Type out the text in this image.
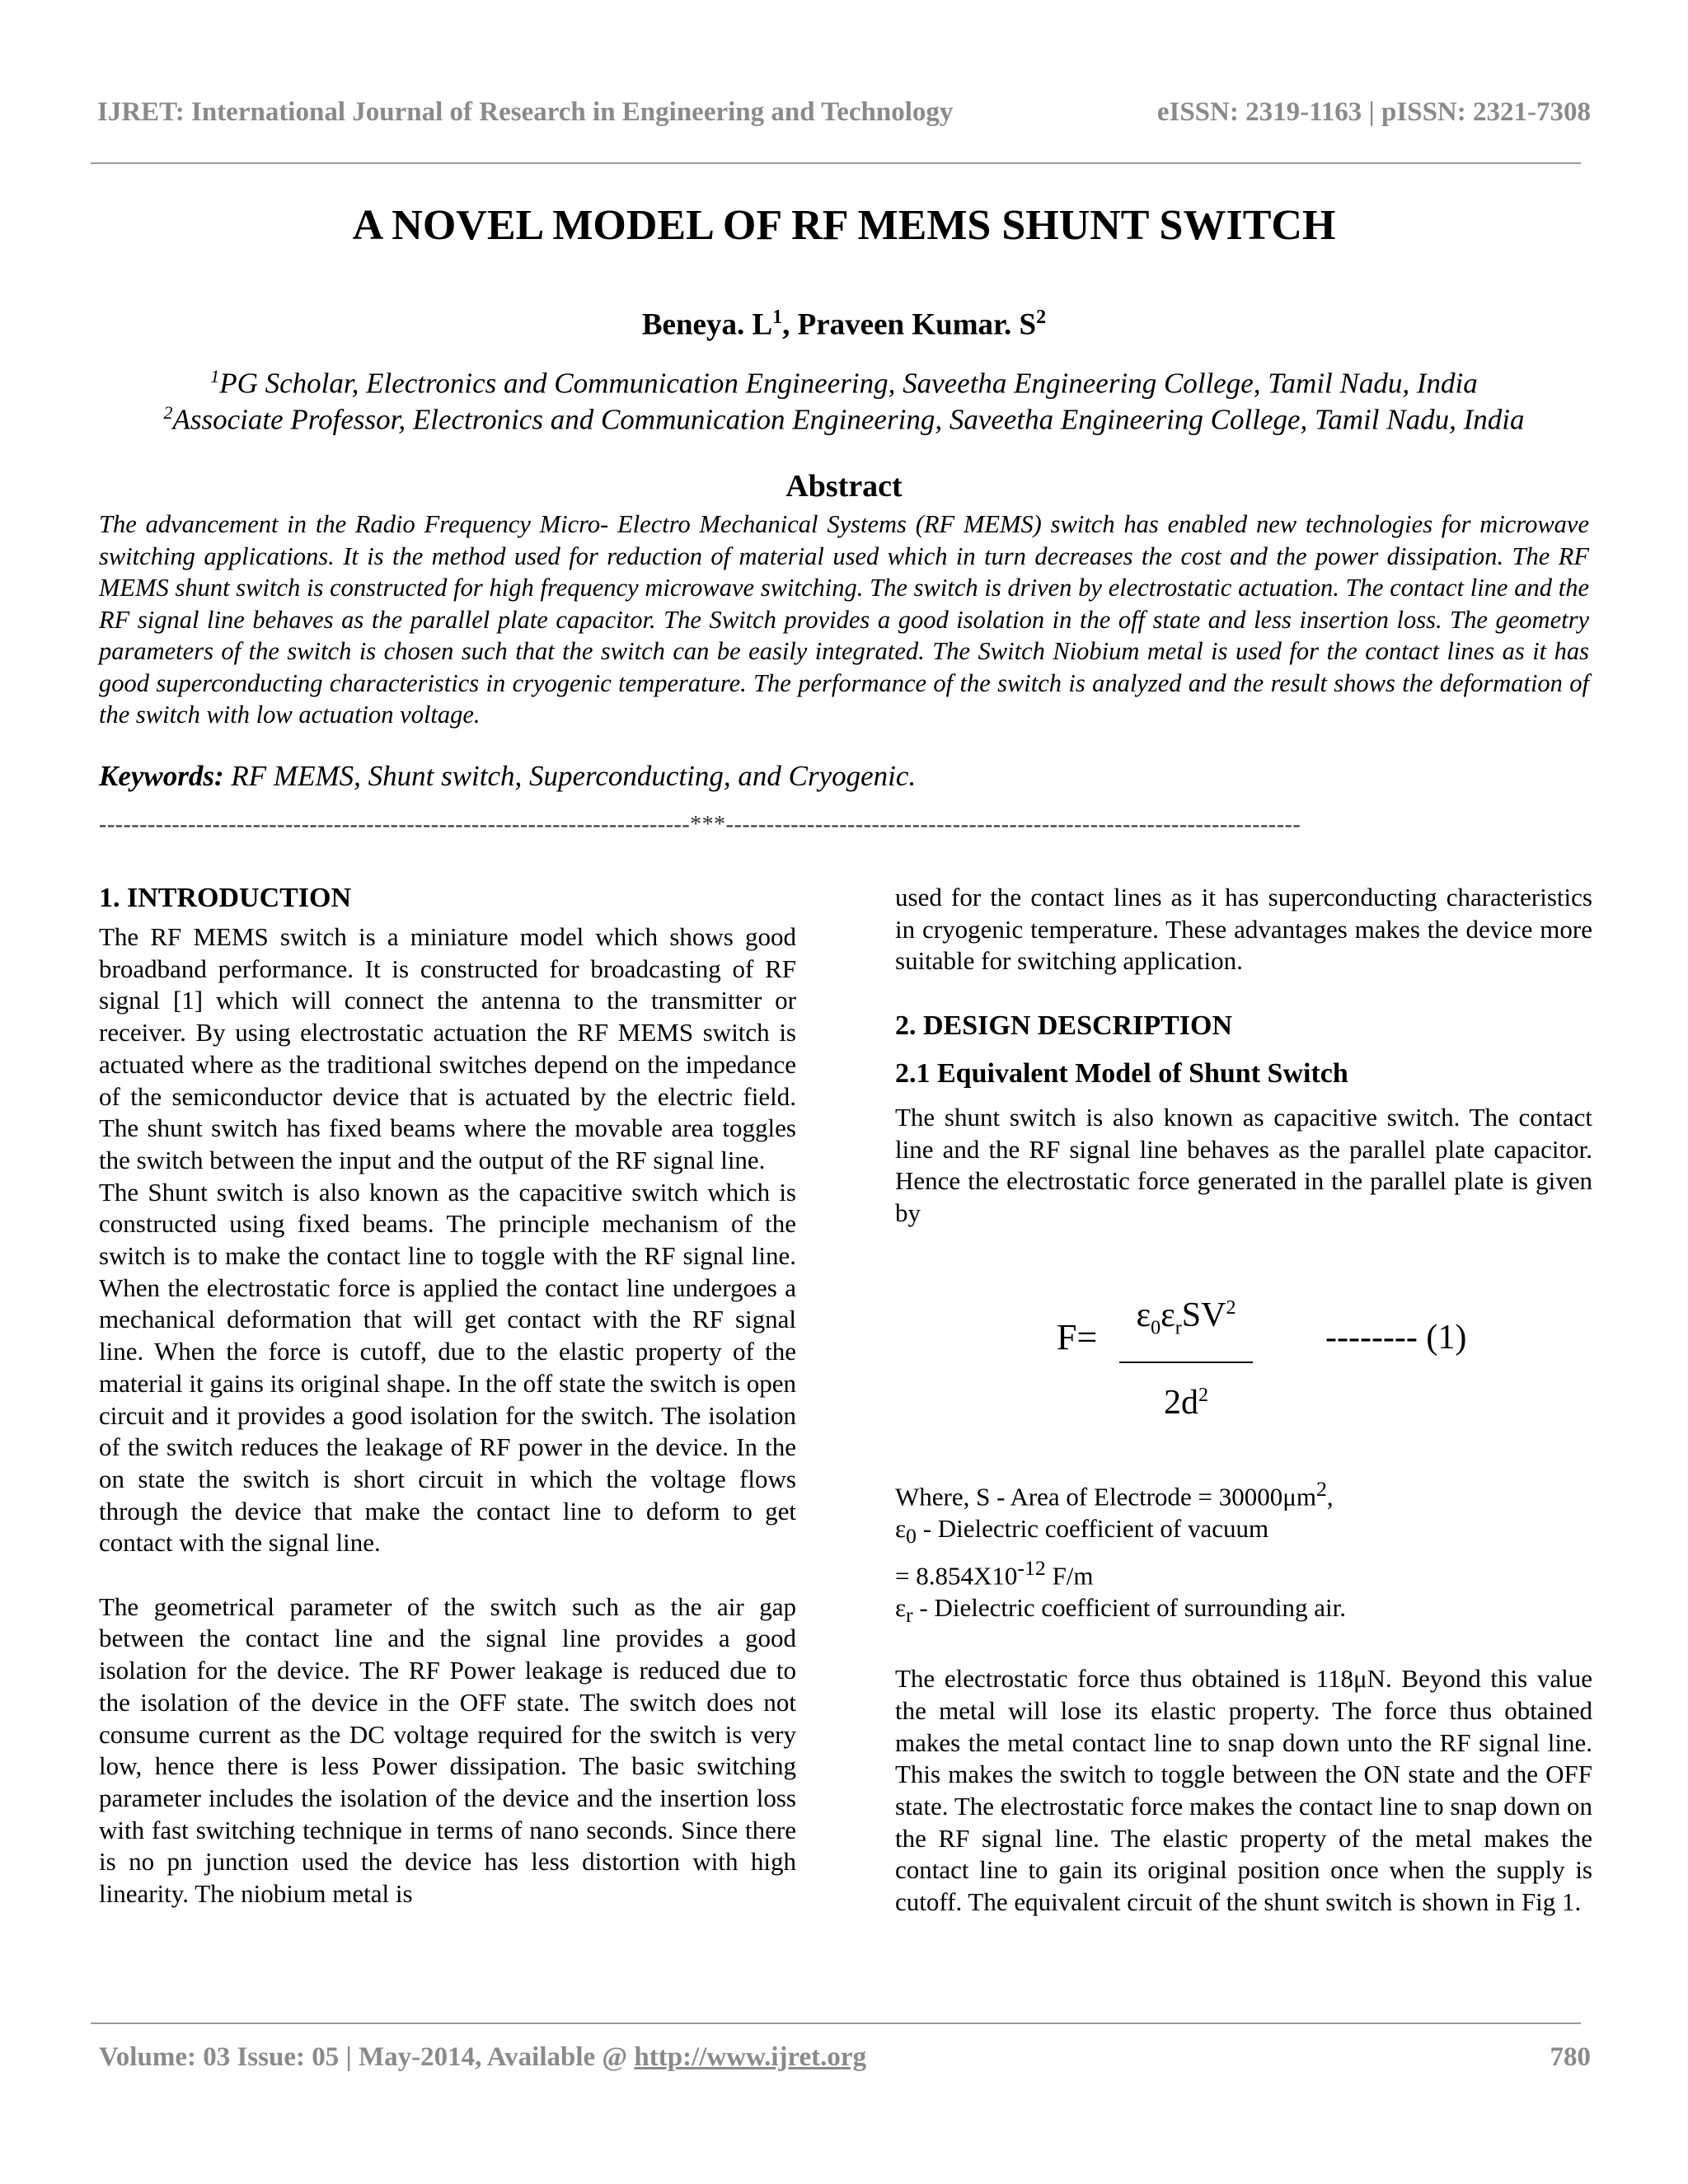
IJRET: International Journal of Research in Engineering and Technology	eISSN: 2319-1163 | pISSN: 2321-7308
A NOVEL MODEL OF RF MEMS SHUNT SWITCH
Beneya. $L^1$, Praveen Kumar. $S^2$
$^1$PG Scholar, Electronics and Communication Engineering, Saveetha Engineering College, Tamil Nadu, India
$^2$Associate Professor, Electronics and Communication Engineering, Saveetha Engineering College, Tamil Nadu, India
Abstract
The advancement in the Radio Frequency Micro- Electro Mechanical Systems (RF MEMS) switch has enabled new technologies for microwave switching applications. It is the method used for reduction of material used which in turn decreases the cost and the power dissipation. The RF MEMS shunt switch is constructed for high frequency microwave switching. The switch is driven by electrostatic actuation. The contact line and the RF signal line behaves as the parallel plate capacitor. The Switch provides a good isolation in the off state and less insertion loss. The geometry parameters of the switch is chosen such that the switch can be easily integrated. The Switch Niobium metal is used for the contact lines as it has good superconducting characteristics in cryogenic temperature. The performance of the switch is analyzed and the result shows the deformation of the switch with low actuation voltage.
Keywords: RF MEMS, Shunt switch, Superconducting, and Cryogenic.
-------------------------------------------------------------------------***-----------------------------------------------------------------------

1. INTRODUCTION

The RF MEMS switch is a miniature model which shows good broadband performance. It is constructed for broadcasting of RF signal [1] which will connect the antenna to the transmitter or receiver. By using electrostatic actuation the RF MEMS switch is actuated where as the traditional switches depend on the impedance of the semiconductor device that is actuated by the electric field. The shunt switch has fixed beams where the movable area toggles the switch between the input and the output of the RF signal line.

The Shunt switch is also known as the capacitive switch which is constructed using fixed beams. The principle mechanism of the switch is to make the contact line to toggle with the RF signal line. When the electrostatic force is applied the contact line undergoes a mechanical deformation that will get contact with the RF signal line. When the force is cutoff, due to the elastic property of the material it gains its original shape. In the off state the switch is open circuit and it provides a good isolation for the switch. The isolation of the switch reduces the leakage of RF power in the device. In the on state the switch is short circuit in which the voltage flows through the device that make the contact line to deform to get contact with the signal line.

The geometrical parameter of the switch such as the air gap between the contact line and the signal line provides a good isolation for the device. The RF Power leakage is reduced due to the isolation of the device in the OFF state. The switch does not consume current as the DC voltage required for the switch is very low, hence there is less Power dissipation. The basic switching parameter includes the isolation of the device and the insertion loss with fast switching technique in terms of nano seconds. Since there is no pn junction used the device has less distortion with high linearity. The niobium metal is

used for the contact lines as it has superconducting characteristics in cryogenic temperature. These advantages makes the device more suitable for switching application.

2. DESIGN DESCRIPTION

2.1 Equivalent Model of Shunt Switch

The shunt switch is also known as capacitive switch. The contact line and the RF signal line behaves as the parallel plate capacitor. Hence the electrostatic force generated in the parallel plate is given by

F=
$\varepsilon_0\varepsilon_rSV^2$
$2d^2$
-------- (1)

Where, S - Area of Electrode = $30000\mu m^2$,

$\varepsilon_0$ - Dielectric coefficient of vacuum

= $8.854X10^{-12}$ F/m

$\varepsilon_r$ - Dielectric coefficient of surrounding air.

The electrostatic force thus obtained is 118μN. Beyond this value the metal will lose its elastic property. The force thus obtained makes the metal contact line to snap down unto the RF signal line. This makes the switch to toggle between the ON state and the OFF state. The electrostatic force makes the contact line to snap down on the RF signal line. The elastic property of the metal makes the contact line to gain its original position once when the supply is cutoff. The equivalent circuit of the shunt switch is shown in Fig 1.

Volume: 03 Issue: 05 | May-2014, Available @ http://www.ijret.org	780
